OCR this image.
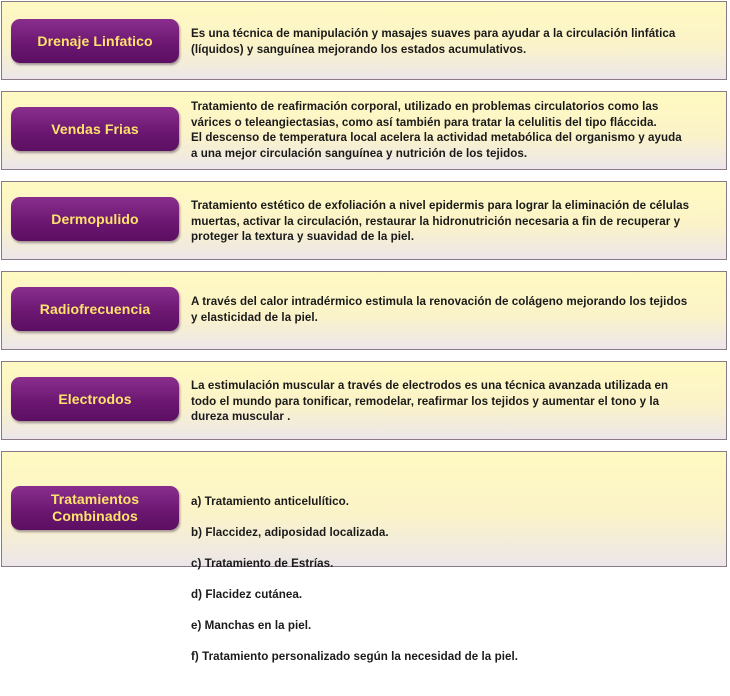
Drenaje Linfatico	Es una técnica de manipulación y masajes suaves para ayudar a la circulación linfática
(líquidos) y sanguínea mejorando los estados acumulativos.
Vendas Frias
Tratamiento de reafirmación corporal, utilizado en problemas circulatorios como las
várices o teleangiectasias, como así también para tratar la celulitis del tipo fláccida.
El descenso de temperatura local acelera la actividad metabólica del organismo y ayuda
a una mejor circulación sanguínea y nutrición de los tejidos.
Dermopulido
Tratamiento estético de exfoliación a nivel epidermis para lograr la eliminación de células
muertas, activar la circulación, restaurar la hidronutrición necesaria a fin de recuperar y
proteger la textura y suavidad de la piel.
Radiofrecuencia	A través del calor intradérmico estimula la renovación de colágeno mejorando los tejidos
y elasticidad de la piel.
Electrodos
La estimulación muscular a través de electrodos es una técnica avanzada utilizada en
todo el mundo para tonificar, remodelar, reafirmar los tejidos y aumentar el tono y la
dureza muscular .
Tratamientos
Combinados

a) Tratamiento anticelulítico.

b) Flaccidez, adiposidad localizada.

c) Tratamiento de Estrías.

d) Flacidez cutánea.

e) Manchas en la piel.

f) Tratamiento personalizado según la necesidad de la piel.
